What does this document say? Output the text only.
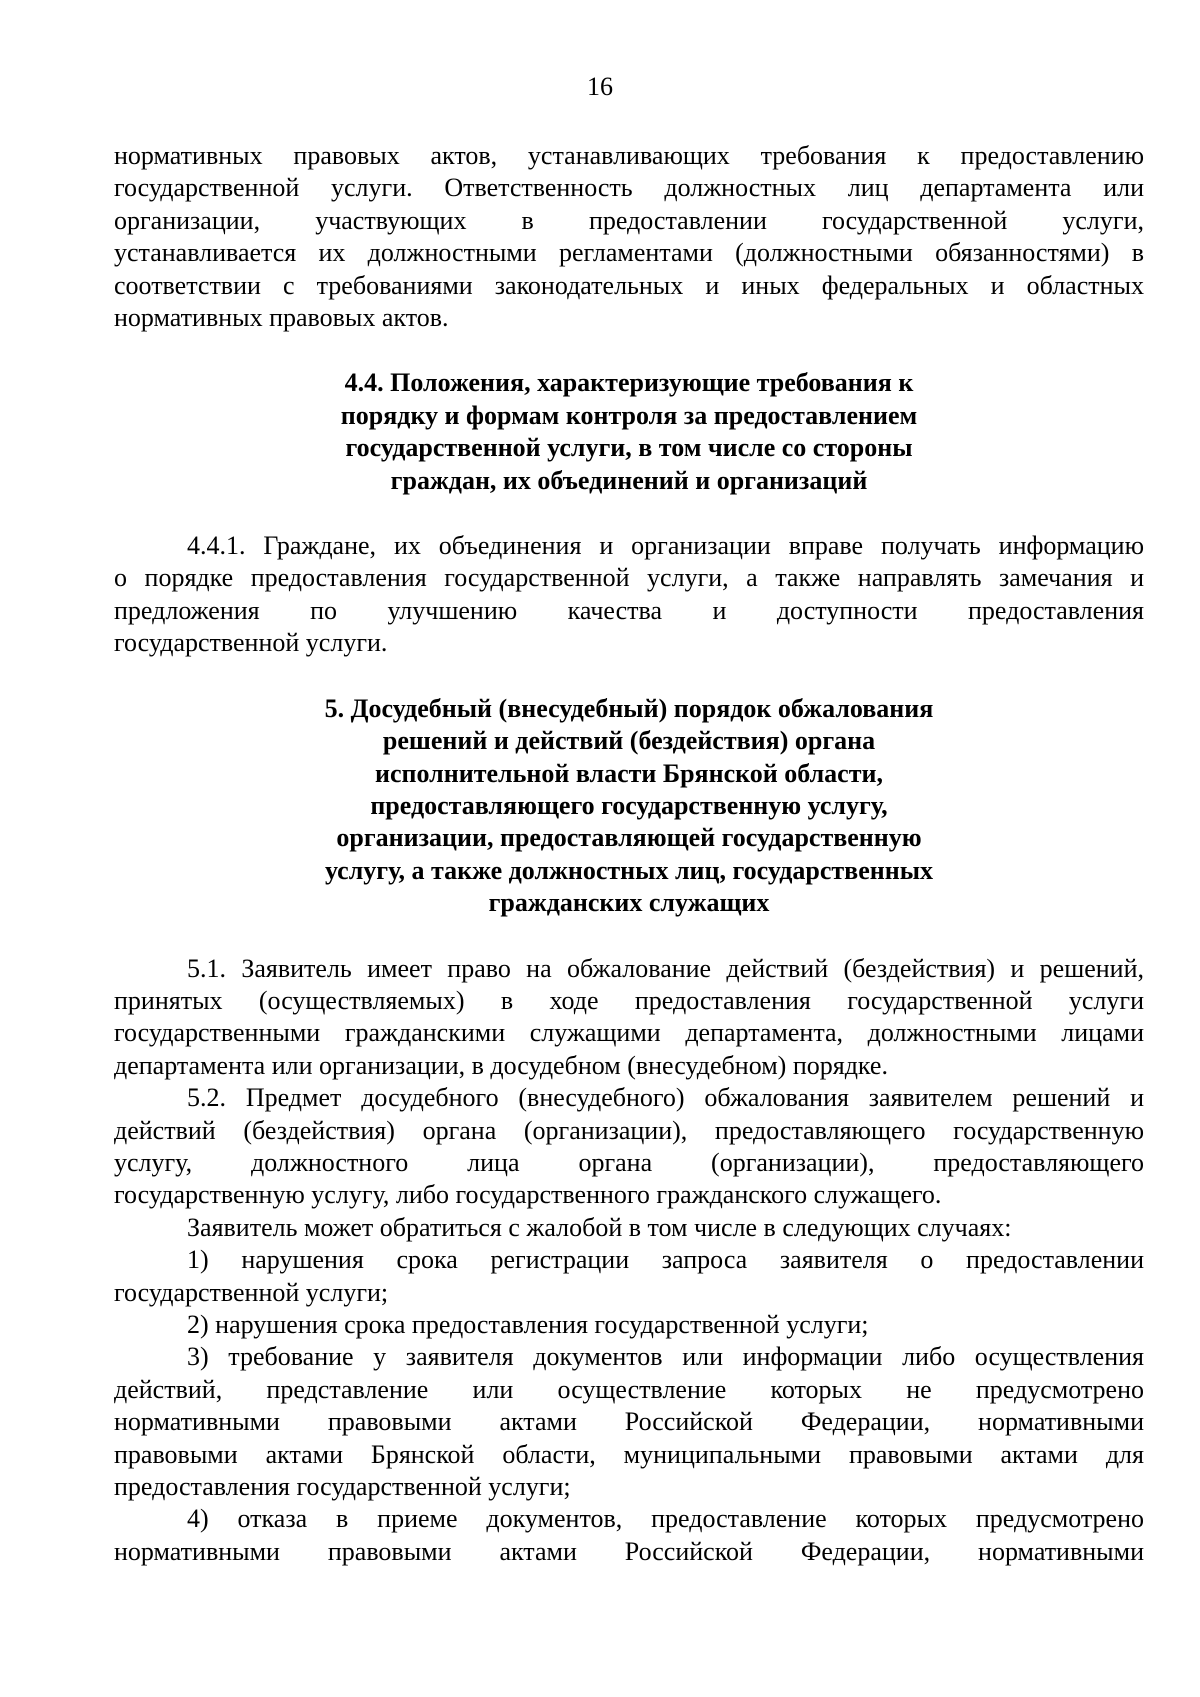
16
нормативных правовых актов, устанавливающих требования к предоставлению
государственной услуги. Ответственность должностных лиц департамента или
организации, участвующих в предоставлении государственной услуги,
устанавливается их должностными регламентами (должностными обязанностями) в
соответствии с требованиями законодательных и иных федеральных и областных
нормативных правовых актов.
4.4. Положения, характеризующие требования к
порядку и формам контроля за предоставлением
государственной услуги, в том числе со стороны
граждан, их объединений и организаций
4.4.1. Граждане, их объединения и организации вправе получать информацию
о порядке предоставления государственной услуги, а также направлять замечания и
предложения по улучшению качества и доступности предоставления
государственной услуги.
5. Досудебный (внесудебный) порядок обжалования
решений и действий (бездействия) органа
исполнительной власти Брянской области,
предоставляющего государственную услугу,
организации, предоставляющей государственную
услугу, а также должностных лиц, государственных
гражданских служащих
5.1. Заявитель имеет право на обжалование действий (бездействия) и решений,
принятых (осуществляемых) в ходе предоставления государственной услуги
государственными гражданскими служащими департамента, должностными лицами
департамента или организации, в досудебном (внесудебном) порядке.
5.2. Предмет досудебного (внесудебного) обжалования заявителем решений и
действий (бездействия) органа (организации), предоставляющего государственную
услугу, должностного лица органа (организации), предоставляющего
государственную услугу, либо государственного гражданского служащего.
Заявитель может обратиться с жалобой в том числе в следующих случаях:
1) нарушения срока регистрации запроса заявителя о предоставлении
государственной услуги;
2) нарушения срока предоставления государственной услуги;
3) требование у заявителя документов или информации либо осуществления
действий, представление или осуществление которых не предусмотрено
нормативными правовыми актами Российской Федерации, нормативными
правовыми актами Брянской области, муниципальными правовыми актами для
предоставления государственной услуги;
4) отказа в приеме документов, предоставление которых предусмотрено
нормативными правовыми актами Российской Федерации, нормативными
